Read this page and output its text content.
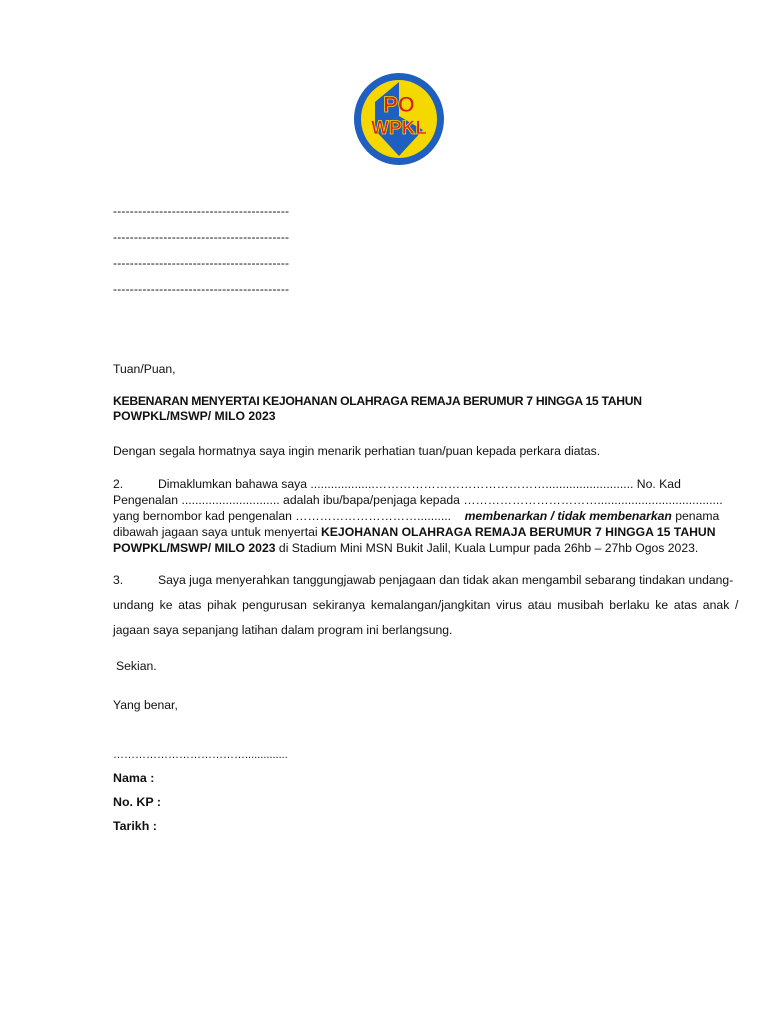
PO
WPKL
------------------------------------------
------------------------------------------
------------------------------------------
------------------------------------------
Tuan/Puan,
KEBENARAN MENYERTAI KEJOHANAN OLAHRAGA REMAJA BERUMUR 7 HINGGA 15 TAHUN
POWPKL/MSWP/ MILO 2023
Dengan segala hormatnya saya ingin menarik perhatian tuan/puan kepada perkara diatas.
2.	Dimaklumkan bahawa saya ...................…………………………………….......................... No. Kad
Pengenalan ............................. adalah ibu/bapa/penjaga kepada …………………………….....................................
yang bernombor kad pengenalan ………………………….......... membenarkan / tidak membenarkan penama
dibawah jagaan saya untuk menyertai KEJOHANAN OLAHRAGA REMAJA BERUMUR 7 HINGGA 15 TAHUN
POWPKL/MSWP/ MILO 2023 di Stadium Mini MSN Bukit Jalil, Kuala Lumpur pada 26hb – 27hb Ogos 2023.
3.	Saya juga menyerahkan tanggungjawab penjagaan dan tidak akan mengambil sebarang tindakan undang-
undang ke atas pihak pengurusan sekiranya kemalangan/jangkitan virus atau musibah berlaku ke atas anak /
jagaan saya sepanjang latihan dalam program ini berlangsung.
Sekian.
Yang benar,
………………………………..............
Nama :
No. KP :
Tarikh :
